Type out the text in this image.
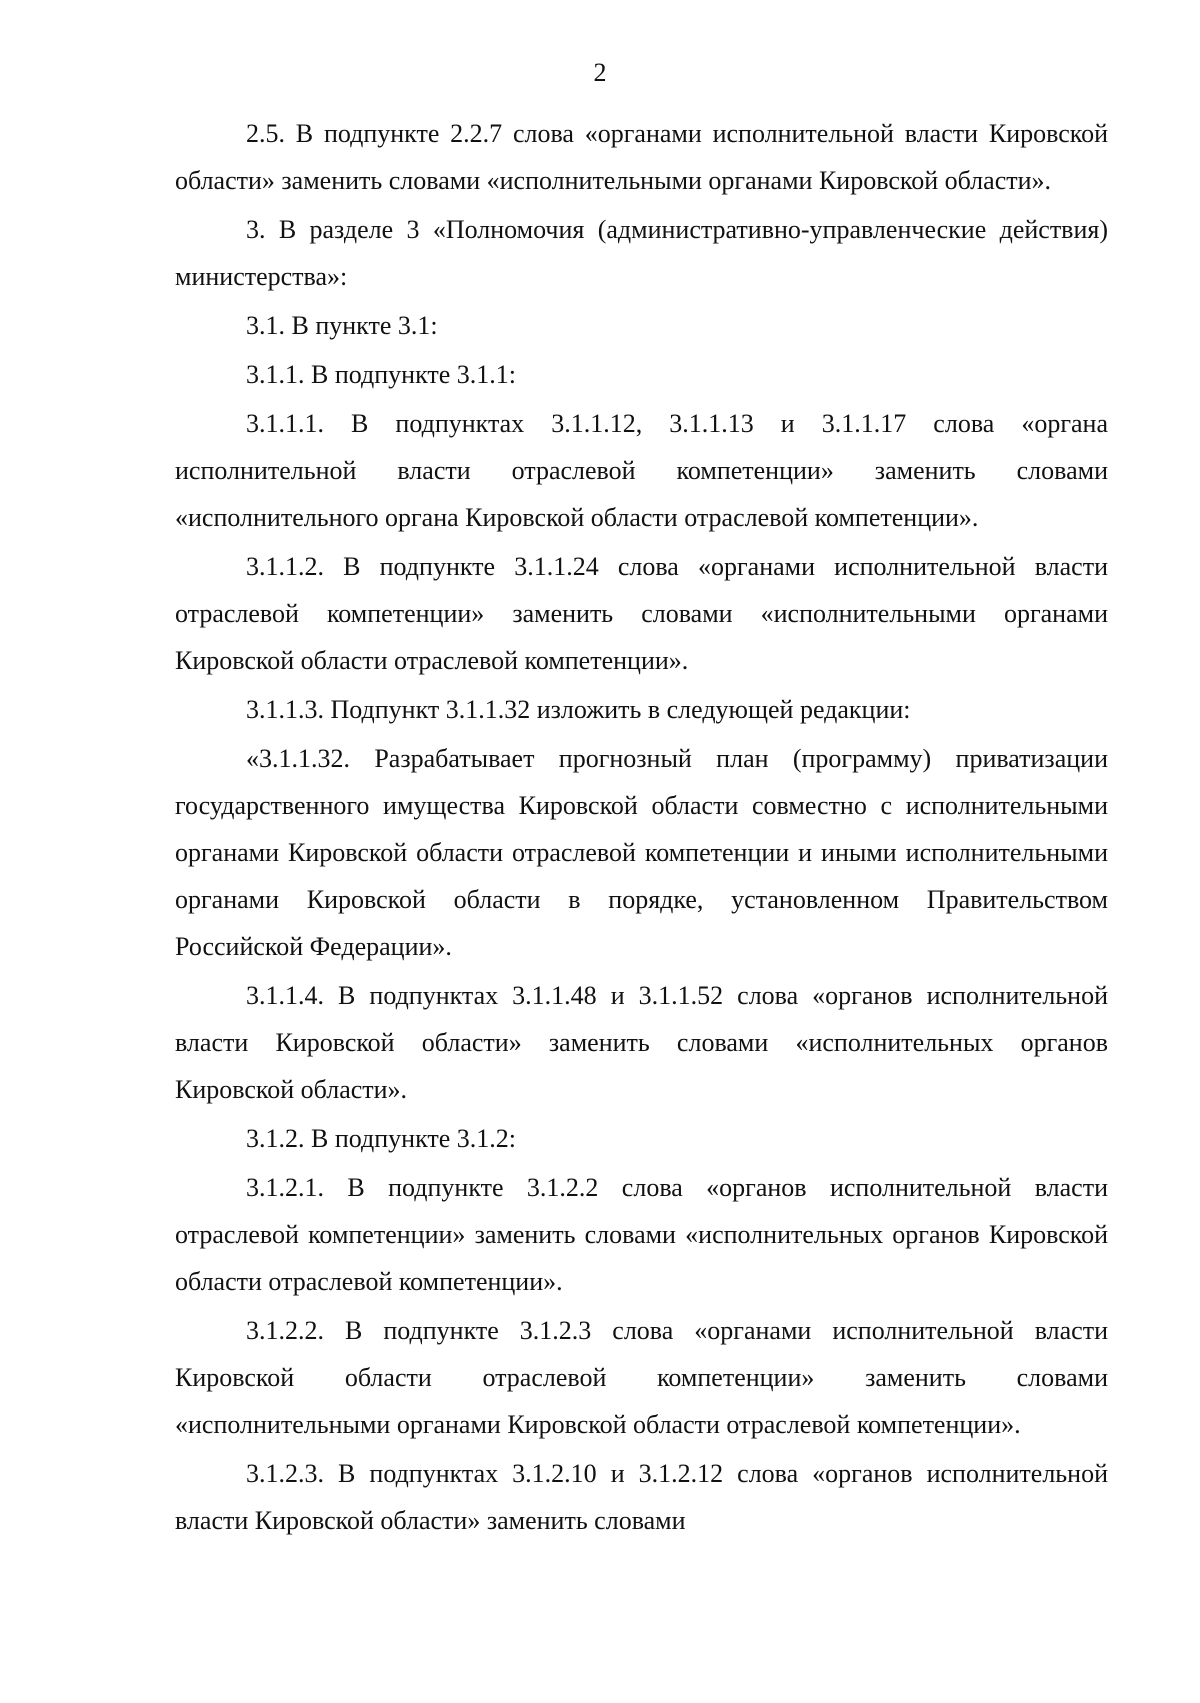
2

2.5. В подпункте 2.2.7 слова «органами исполнительной власти Кировской области» заменить словами «исполнительными органами Кировской области».

3. В разделе 3 «Полномочия (административно-управленческие действия) министерства»:

3.1. В пункте 3.1:

3.1.1. В подпункте 3.1.1:

3.1.1.1. В подпунктах 3.1.1.12, 3.1.1.13 и 3.1.1.17 слова «органа исполнительной власти отраслевой компетенции» заменить словами «исполнительного органа Кировской области отраслевой компетенции».

3.1.1.2. В подпункте 3.1.1.24 слова «органами исполнительной власти отраслевой компетенции» заменить словами «исполнительными органами Кировской области отраслевой компетенции».

3.1.1.3. Подпункт 3.1.1.32 изложить в следующей редакции:

«3.1.1.32. Разрабатывает прогнозный план (программу) приватизации государственного имущества Кировской области совместно с исполнительными органами Кировской области отраслевой компетенции и иными исполнительными органами Кировской области в порядке, установленном Правительством Российской Федерации».

3.1.1.4. В подпунктах 3.1.1.48 и 3.1.1.52 слова «органов исполнительной власти Кировской области» заменить словами «исполнительных органов Кировской области».

3.1.2. В подпункте 3.1.2:

3.1.2.1. В подпункте 3.1.2.2 слова «органов исполнительной власти отраслевой компетенции» заменить словами «исполнительных органов Кировской области отраслевой компетенции».

3.1.2.2. В подпункте 3.1.2.3 слова «органами исполнительной власти Кировской области отраслевой компетенции» заменить словами «исполнительными органами Кировской области отраслевой компетенции».

3.1.2.3. В подпунктах 3.1.2.10 и 3.1.2.12 слова «органов исполнительной власти Кировской области» заменить словами
